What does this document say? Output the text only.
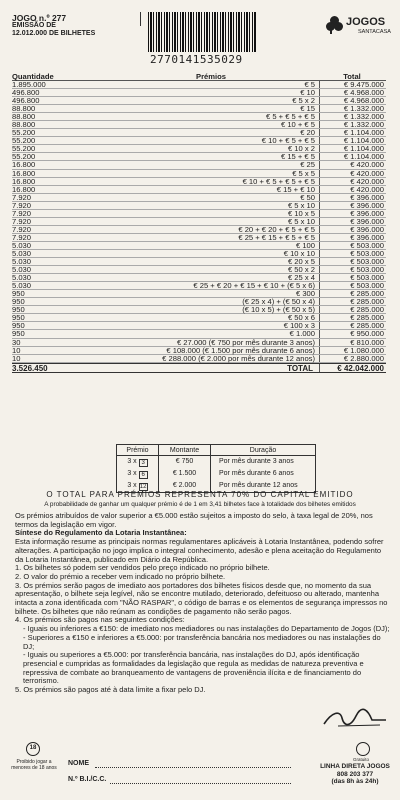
JOGO n.º 277
EMISSÃO DE
12.012.000 DE BILHETES
2770141535029
JOGOS
SANTACASA
Quantidade	Prémios	Total
1.895.000	€ 5	€ 9.475.000
496.800	€ 10	€ 4.968.000
496.800	€ 5 x 2	€ 4.968.000
88.800	€ 15	€ 1.332.000
88.800	€ 5 + € 5 + € 5	€ 1.332.000
88.800	€ 10 + € 5	€ 1.332.000
55.200	€ 20	€ 1.104.000
55.200	€ 10 + € 5 + € 5	€ 1.104.000
55.200	€ 10 x 2	€ 1.104.000
55.200	€ 15 + € 5	€ 1.104.000
16.800	€ 25	€ 420.000
16.800	€ 5 x 5	€ 420.000
16.800	€ 10 + € 5 + € 5 + € 5	€ 420.000
16.800	€ 15 + € 10	€ 420.000
7.920	€ 50	€ 396.000
7.920	€ 5 x 10	€ 396.000
7.920	€ 10 x 5	€ 396.000
7.920	€ 5 x 10	€ 396.000
7.920	€ 20 + € 20 + € 5 + € 5	€ 396.000
7.920	€ 25 + € 15 + € 5 + € 5	€ 396.000
5.030	€ 100	€ 503.000
5.030	€ 10 x 10	€ 503.000
5.030	€ 20 x 5	€ 503.000
5.030	€ 50 x 2	€ 503.000
5.030	€ 25 x 4	€ 503.000
5.030	€ 25 + € 20 + € 15 + € 10 + (€ 5 x 6)	€ 503.000
950	€ 300	€ 285.000
950	(€ 25 x 4) + (€ 50 x 4)	€ 285.000
950	(€ 10 x 5) + (€ 50 x 5)	€ 285.000
950	€ 50 x 6	€ 285.000
950	€ 100 x 3	€ 285.000
950	€ 1.000	€ 950.000
30	€ 27.000 (€ 750 por mês durante 3 anos)	€ 810.000
10	€ 108.000 (€ 1.500 por mês durante 6 anos)	€ 1.080.000
10	€ 288.000 (€ 2.000 por mês durante 12 anos)	€ 2.880.000
3.526.450	TOTAL	€ 42.042.000
Prémio	Montante	Duração
3 x 3	€ 750	Por mês durante 3 anos
3 x 6	€ 1.500	Por mês durante 6 anos
3 x 12	€ 2.000	Por mês durante 12 anos
O TOTAL PARA PRÉMIOS REPRESENTA 70% DO CAPITAL EMITIDO
A probabilidade de ganhar um qualquer prémio é de 1 em 3,41 bilhetes face à totalidade dos bilhetes emitidos

Os prémios atribuídos de valor superior a €5.000 estão sujeitos a imposto do selo, à taxa legal de 20%, nos termos da legislação em vigor.

Síntese do Regulamento da Lotaria Instantânea:

Esta informação resume as principais normas regulamentares aplicáveis à Lotaria Instantânea, podendo sofrer alterações. A participação no jogo implica o integral conhecimento, adesão e plena aceitação do Regulamento da Lotaria Instantânea, publicado em Diário da República.

1. Os bilhetes só podem ser vendidos pelo preço indicado no próprio bilhete.

2. O valor do prémio a receber vem indicado no próprio bilhete.

3. Os prémios serão pagos de imediato aos portadores dos bilhetes físicos desde que, no momento da sua apresentação, o bilhete seja legível, não se encontre mutilado, deteriorado, defeituoso ou alterado, mantenha intacta a zona identificada com "NÃO RASPAR", o código de barras e os elementos de segurança impressos no bilhete. Os bilhetes que não reúnam as condições de pagamento não serão pagos.

4. Os prémios são pagos nas seguintes condições:

- Iguais ou inferiores a €150: de imediato nos mediadores ou nas instalações do Departamento de Jogos (DJ);

- Superiores a €150 e inferiores a €5.000: por transferência bancária nos mediadores ou nas instalações do DJ;

- Iguais ou superiores a €5.000: por transferência bancária, nas instalações do DJ, após identificação presencial e cumpridas as formalidades da legislação que regula as medidas de natureza preventiva e repressiva de combate ao branqueamento de vantagens de proveniência ilícita e de financiamento do terrorismo.

5. Os prémios são pagos até à data limite a fixar pelo DJ.

18
Proibido jogar a menores de 18 anos
NOME
N.º B.I./C.C.
Gratuito
LINHA DIRETA JOGOS
808 203 377
(das 8h às 24h)
